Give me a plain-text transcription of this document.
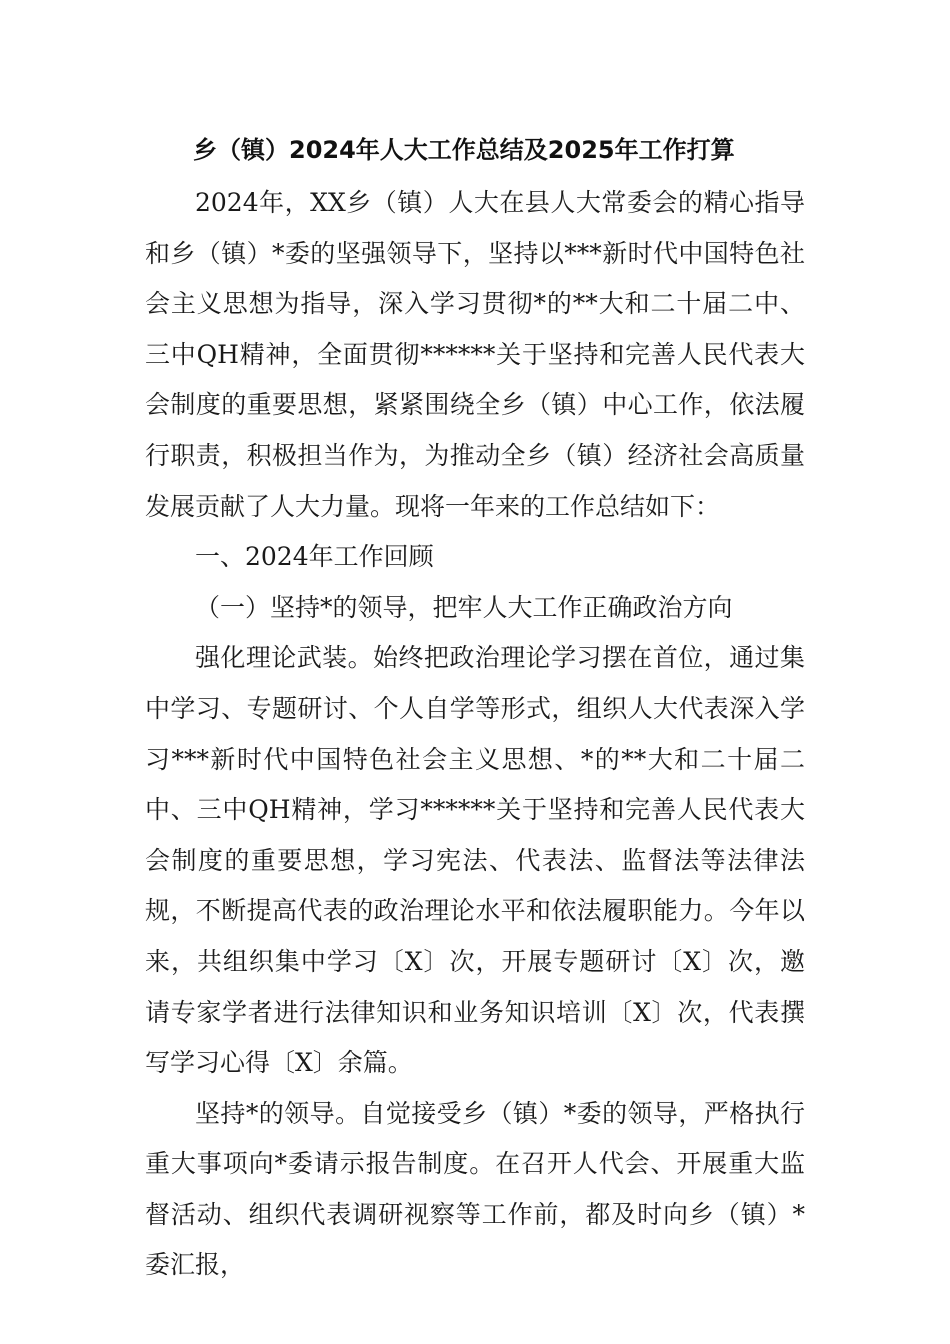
乡（镇）2024年人大工作总结及2025年工作打算

2024年，XX乡（镇）人大在县人大常委会的精心指导和乡（镇）*委的坚强领导下，坚持以***新时代中国特色社会主义思想为指导，深入学习贯彻*的**大和二十届二中、三中QH精神，全面贯彻******关于坚持和完善人民代表大会制度的重要思想，紧紧围绕全乡（镇）中心工作，依法履行职责，积极担当作为，为推动全乡（镇）经济社会高质量发展贡献了人大力量。现将一年来的工作总结如下：

一、2024年工作回顾

（一）坚持*的领导，把牢人大工作正确政治方向

强化理论武装。始终把政治理论学习摆在首位，通过集中学习、专题研讨、个人自学等形式，组织人大代表深入学习***新时代中国特色社会主义思想、*的**大和二十届二中、三中QH精神，学习******关于坚持和完善人民代表大会制度的重要思想，学习宪法、代表法、监督法等法律法规，不断提高代表的政治理论水平和依法履职能力。今年以来，共组织集中学习〔X〕次，开展专题研讨〔X〕次，邀请专家学者进行法律知识和业务知识培训〔X〕次，代表撰写学习心得〔X〕余篇。

坚持*的领导。自觉接受乡（镇）*委的领导，严格执行重大事项向*委请示报告制度。在召开人代会、开展重大监督活动、组织代表调研视察等工作前，都及时向乡（镇）*委汇报，
